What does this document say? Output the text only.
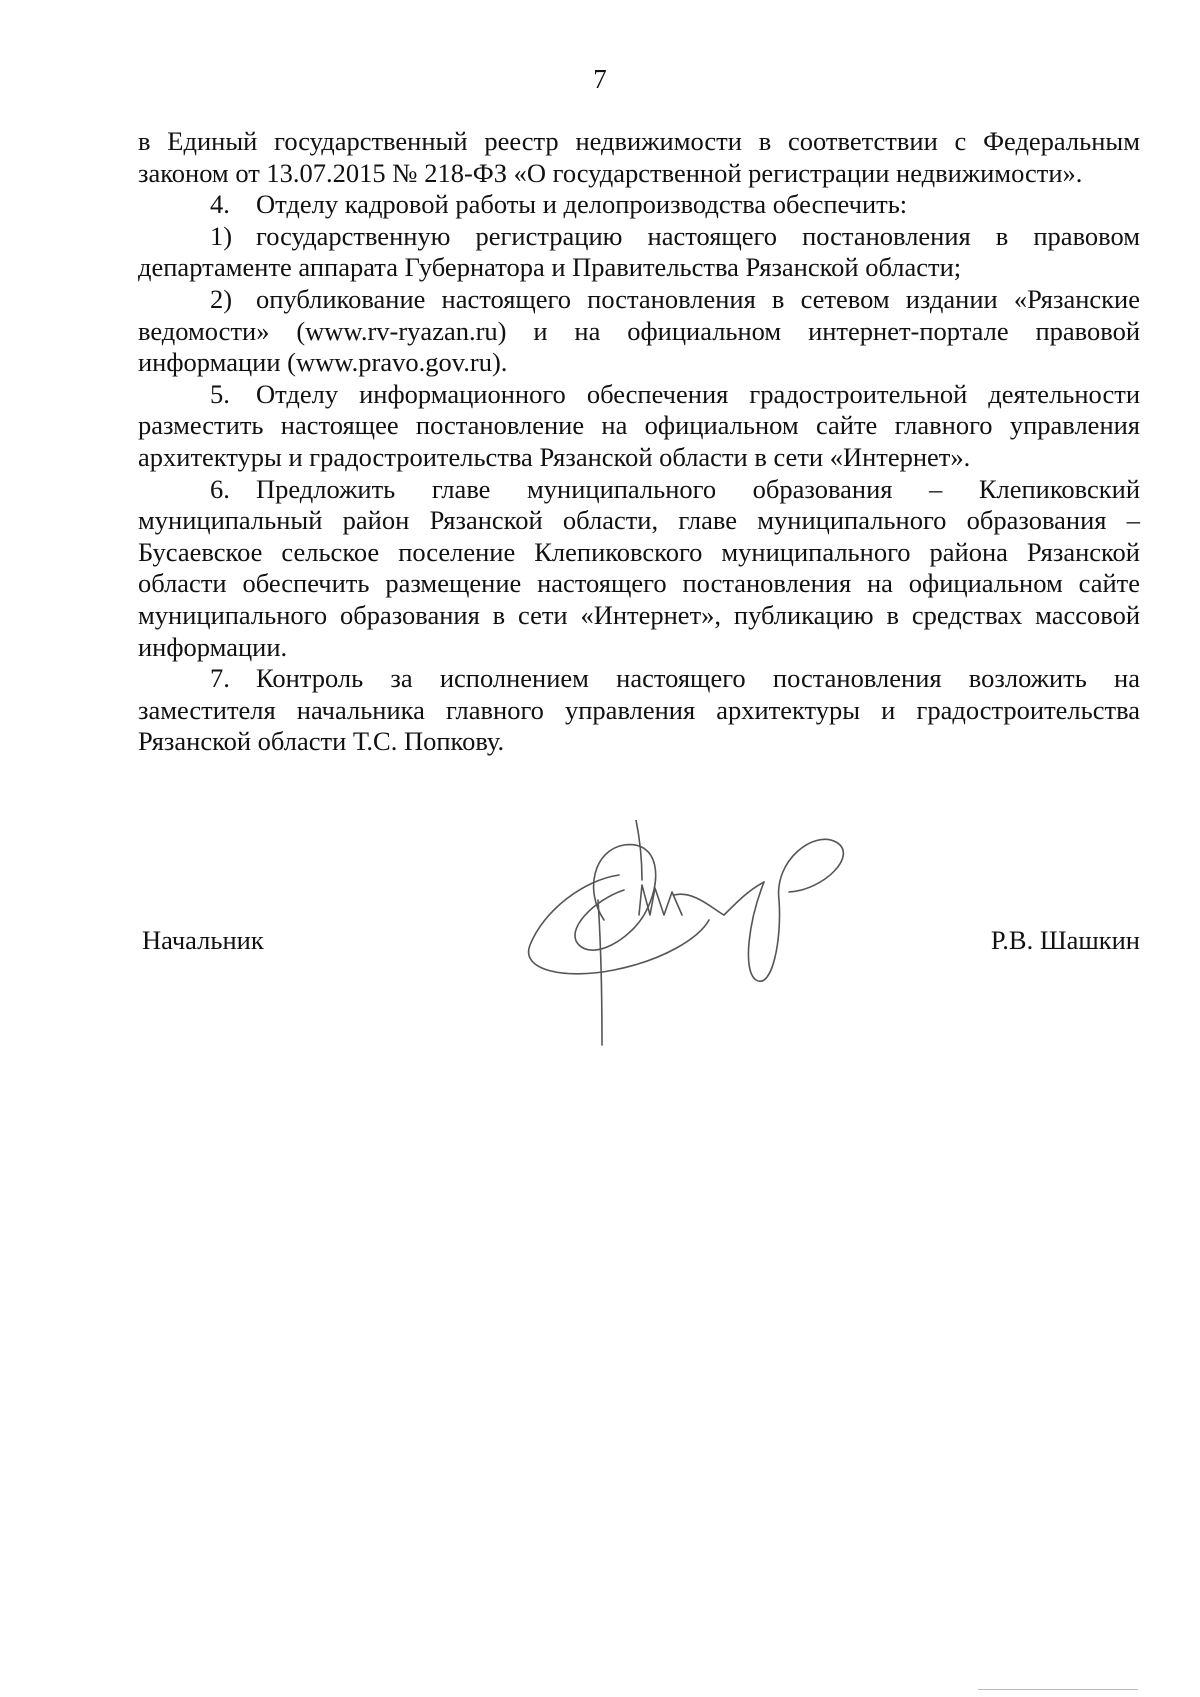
7

в Единый государственный реестр недвижимости в соответствии с Федеральным законом от 13.07.2015 № 218-ФЗ «О государственной регистрации недвижимости».

4. Отделу кадровой работы и делопроизводства обеспечить:

1) государственную регистрацию настоящего постановления в правовом департаменте аппарата Губернатора и Правительства Рязанской области;

2) опубликование настоящего постановления в сетевом издании «Рязанские ведомости» (www.rv-ryazan.ru) и на официальном интернет-портале правовой информации (www.pravo.gov.ru).

5. Отделу информационного обеспечения градостроительной деятельности разместить настоящее постановление на официальном сайте главного управления архитектуры и градостроительства Рязанской области в сети «Интернет».

6. Предложить главе муниципального образования – Клепиковский муниципальный район Рязанской области, главе муниципального образования – Бусаевское сельское поселение Клепиковского муниципального района Рязанской области обеспечить размещение настоящего постановления на официальном сайте муниципального образования в сети «Интернет», публикацию в средствах массовой информации.

7. Контроль за исполнением настоящего постановления возложить на заместителя начальника главного управления архитектуры и градостроительства Рязанской области Т.С. Попкову.

Начальник	Р.В. Шашкин
